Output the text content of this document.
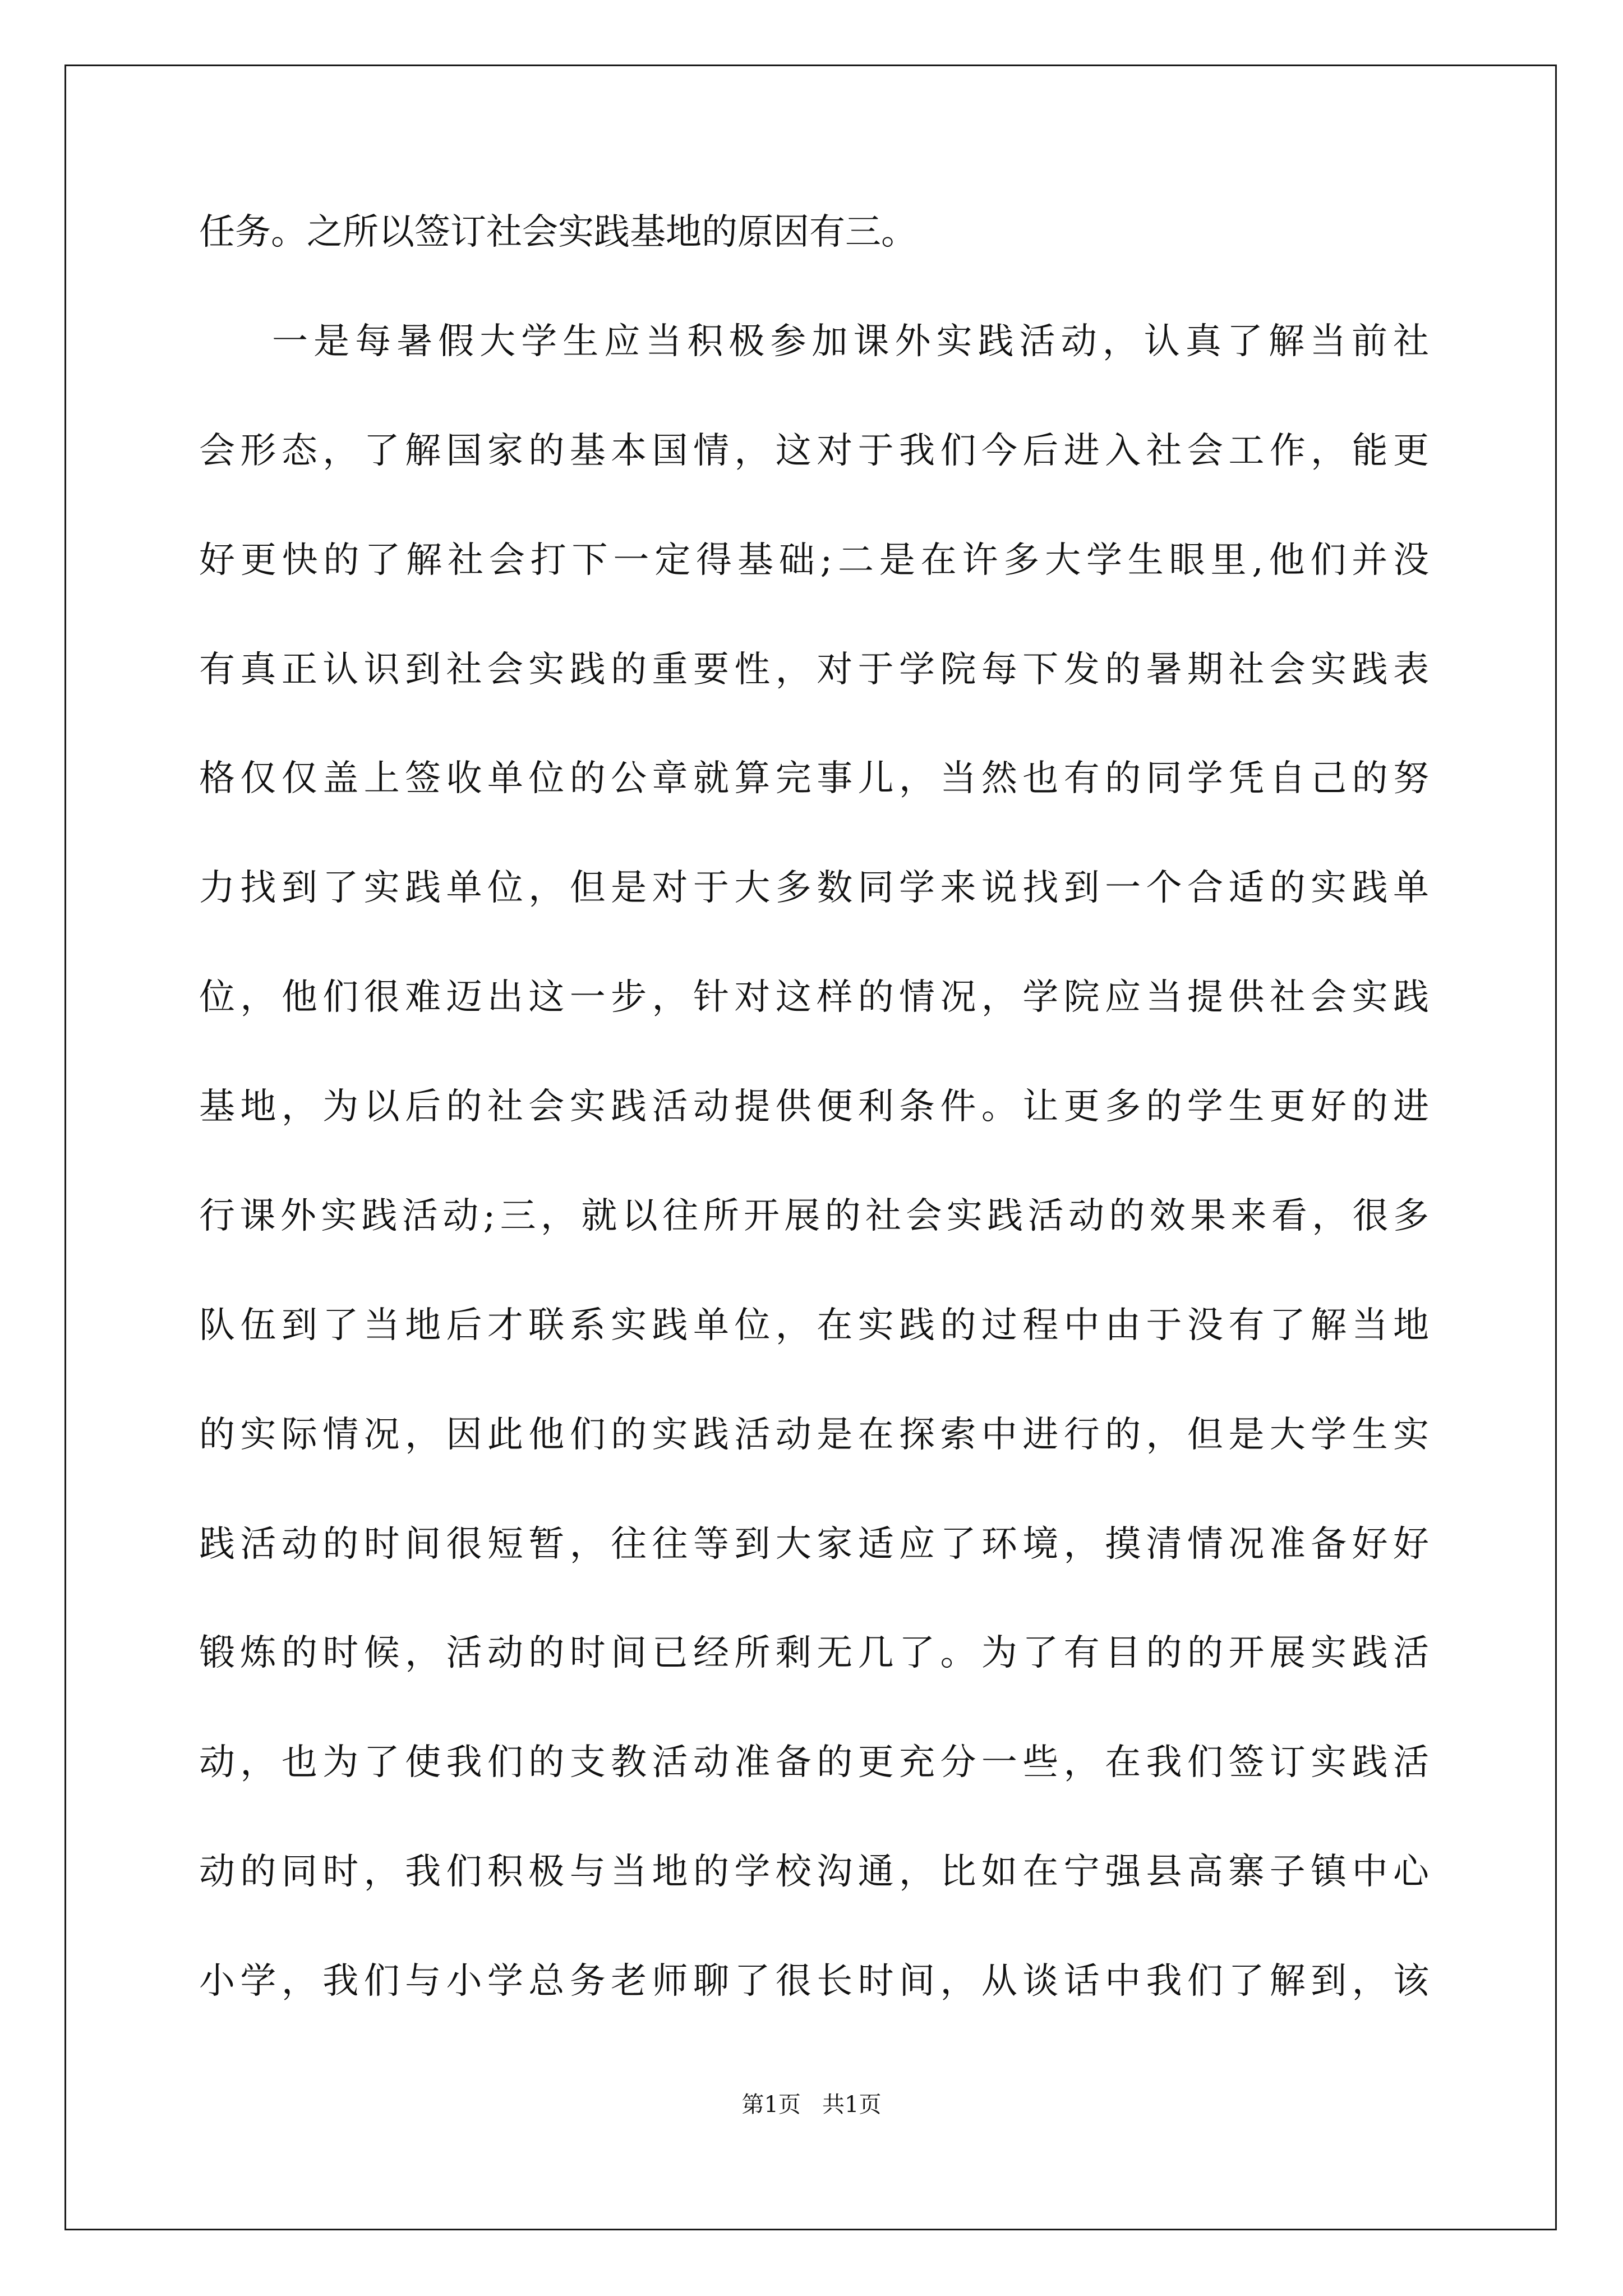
任务。之所以签订社会实践基地的原因有三。

一是每暑假大学生应当积极参加课外实践活动，认真了解当前社

会形态，了解国家的基本国情，这对于我们今后进入社会工作，能更

好更快的了解社会打下一定得基础;二是在许多大学生眼里,他们并没

有真正认识到社会实践的重要性，对于学院每下发的暑期社会实践表

格仅仅盖上签收单位的公章就算完事儿，当然也有的同学凭自己的努

力找到了实践单位，但是对于大多数同学来说找到一个合适的实践单

位，他们很难迈出这一步，针对这样的情况，学院应当提供社会实践

基地，为以后的社会实践活动提供便利条件。让更多的学生更好的进

行课外实践活动;三，就以往所开展的社会实践活动的效果来看，很多

队伍到了当地后才联系实践单位，在实践的过程中由于没有了解当地

的实际情况，因此他们的实践活动是在探索中进行的，但是大学生实

践活动的时间很短暂，往往等到大家适应了环境，摸清情况准备好好

锻炼的时候，活动的时间已经所剩无几了。为了有目的的开展实践活

动，也为了使我们的支教活动准备的更充分一些，在我们签订实践活

动的同时，我们积极与当地的学校沟通，比如在宁强县高寨子镇中心

小学，我们与小学总务老师聊了很长时间，从谈话中我们了解到，该

第1页   共1页
